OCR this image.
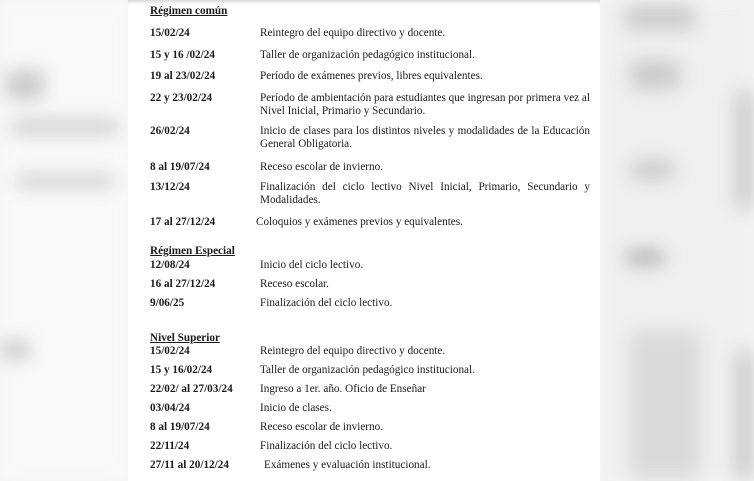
Régimen común
15/02/24	Reintegro del equipo directivo y docente.
15 y 16 /02/24	Taller de organización pedagógico institucional.
19 al 23/02/24	Período de exámenes previos, libres equivalentes.
22 y 23/02/24	Período de ambientación para estudiantes que ingresan por primera vez al Nivel Inicial, Primario y Secundario.
26/02/24	Inicio de clases para los distintos niveles y modalidades de la Educación General Obligatoria.
8 al 19/07/24	Receso escolar de invierno.
13/12/24	Finalización del ciclo lectivo Nivel Inicial, Primario, Secundario y Modalidades.
17 al 27/12/24	Coloquios y exámenes previos y equivalentes.
Régimen Especial
12/08/24	Inicio del ciclo lectivo.
16 al 27/12/24	Receso escolar.
9/06/25	Finalización del ciclo lectivo.
Nivel Superior
15/02/24	Reintegro del equipo directivo y docente.
15 y 16/02/24	Taller de organización pedagógico institucional.
22/02/ al 27/03/24 Ingreso a 1er. año. Oficio de Enseñar
03/04/24	Inicio de clases.
8 al 19/07/24	Receso escolar de invierno.
22/11/24	Finalización del ciclo lectivo.
27/11 al 20/12/24	Exámenes y evaluación institucional.
